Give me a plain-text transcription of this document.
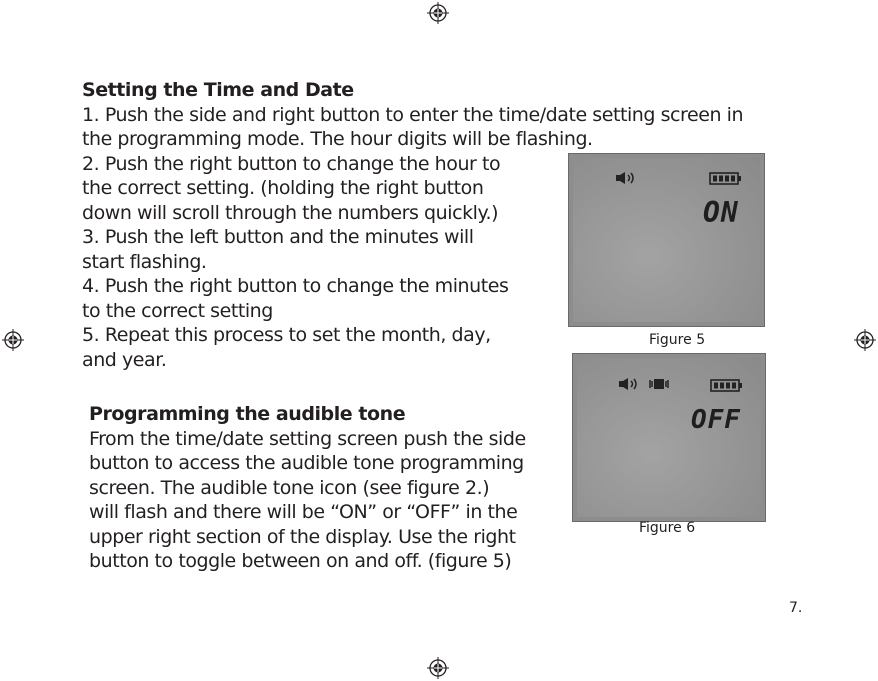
Setting the Time and Date
1. Push the side and right button to enter the time/date setting screen in
the programming mode. The hour digits will be flashing.
2. Push the right button to change the hour to
the correct setting. (holding the right button
down will scroll through the numbers quickly.)
3. Push the left button and the minutes will
start flashing.
4. Push the right button to change the minutes
to the correct setting
5. Repeat this process to set the month, day,
and year.
Programming the audible tone
From the time/date setting screen push the side
button to access the audible tone programming
screen. The audible tone icon (see figure 2.)
will flash and there will be “ON” or “OFF” in the
upper right section of the display. Use the right
button to toggle between on and off. (figure 5)
ON
Figure 5
OFF
Figure 6
7.
